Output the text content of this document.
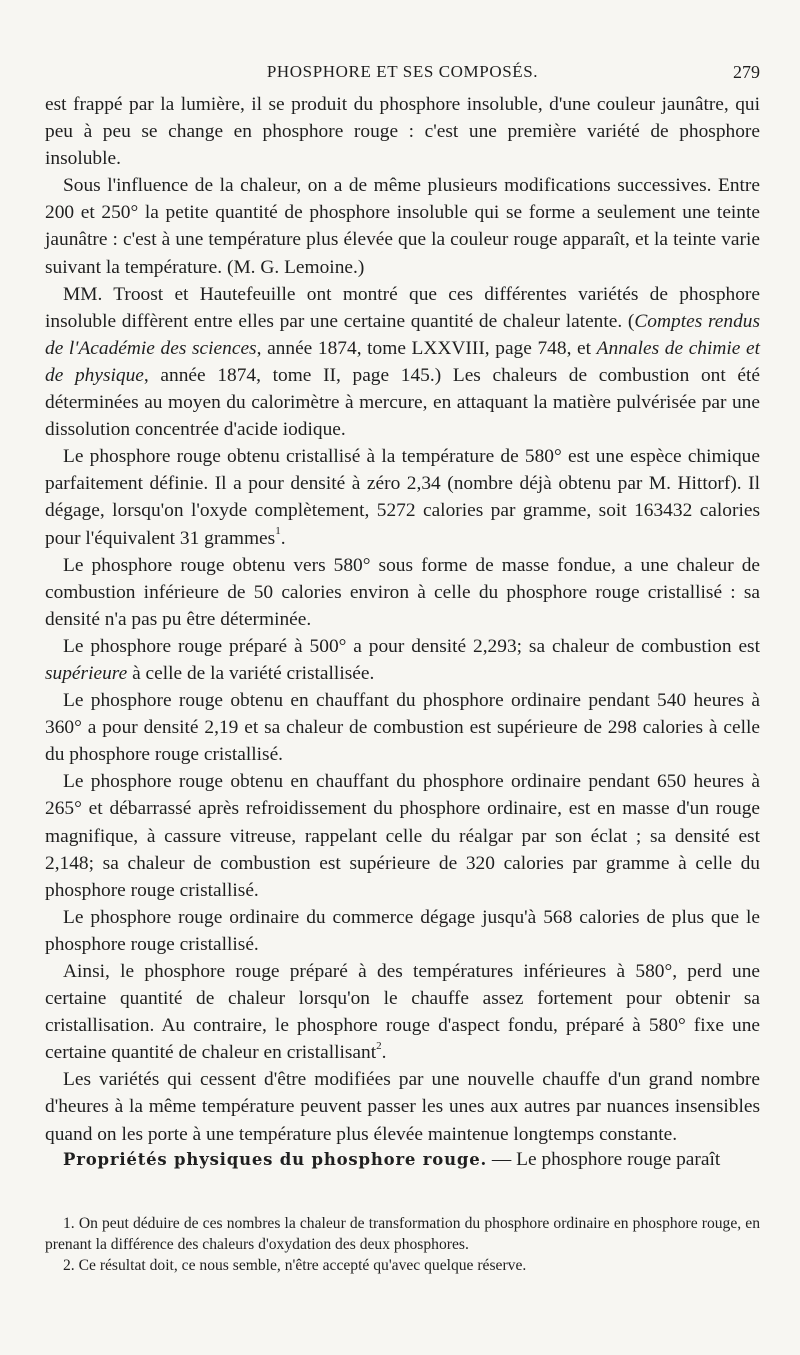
PHOSPHORE ET SES COMPOSÉS.	279

est frappé par la lumière, il se produit du phosphore insoluble, d'une couleur jaunâtre, qui peu à peu se change en phosphore rouge : c'est une première variété de phosphore insoluble.

Sous l'influence de la chaleur, on a de même plusieurs modifications successives. Entre 200 et 250° la petite quantité de phosphore insoluble qui se forme a seulement une teinte jaunâtre : c'est à une température plus élevée que la couleur rouge apparaît, et la teinte varie suivant la température. (M. G. Lemoine.)

MM. Troost et Hautefeuille ont montré que ces différentes variétés de phosphore insoluble diffèrent entre elles par une certaine quantité de chaleur latente. (Comptes rendus de l'Académie des sciences, année 1874, tome LXXVIII, page 748, et Annales de chimie et de physique, année 1874, tome II, page 145.) Les chaleurs de combustion ont été déterminées au moyen du calorimètre à mercure, en attaquant la matière pulvérisée par une dissolution concentrée d'acide iodique.

Le phosphore rouge obtenu cristallisé à la température de 580° est une espèce chimique parfaitement définie. Il a pour densité à zéro 2,34 (nombre déjà obtenu par M. Hittorf). Il dégage, lorsqu'on l'oxyde complètement, 5272 calories par gramme, soit 163432 calories pour l'équivalent 31 grammes$^1$.

Le phosphore rouge obtenu vers 580° sous forme de masse fondue, a une chaleur de combustion inférieure de 50 calories environ à celle du phosphore rouge cristallisé : sa densité n'a pas pu être déterminée.

Le phosphore rouge préparé à 500° a pour densité 2,293; sa chaleur de combustion est supérieure à celle de la variété cristallisée.

Le phosphore rouge obtenu en chauffant du phosphore ordinaire pendant 540 heures à 360° a pour densité 2,19 et sa chaleur de combustion est supérieure de 298 calories à celle du phosphore rouge cristallisé.

Le phosphore rouge obtenu en chauffant du phosphore ordinaire pendant 650 heures à 265° et débarrassé après refroidissement du phosphore ordinaire, est en masse d'un rouge magnifique, à cassure vitreuse, rappelant celle du réalgar par son éclat ; sa densité est 2,148; sa chaleur de combustion est supérieure de 320 calories par gramme à celle du phosphore rouge cristallisé.

Le phosphore rouge ordinaire du commerce dégage jusqu'à 568 calories de plus que le phosphore rouge cristallisé.

Ainsi, le phosphore rouge préparé à des températures inférieures à 580°, perd une certaine quantité de chaleur lorsqu'on le chauffe assez fortement pour obtenir sa cristallisation. Au contraire, le phosphore rouge d'aspect fondu, préparé à 580° fixe une certaine quantité de chaleur en cristallisant$^2$.

Les variétés qui cessent d'être modifiées par une nouvelle chauffe d'un grand nombre d'heures à la même température peuvent passer les unes aux autres par nuances insensibles quand on les porte à une température plus élevée maintenue longtemps constante.

Propriétés physiques du phosphore rouge. — Le phosphore rouge paraît

1. On peut déduire de ces nombres la chaleur de transformation du phosphore ordinaire en phosphore rouge, en prenant la différence des chaleurs d'oxydation des deux phosphores.

2. Ce résultat doit, ce nous semble, n'être accepté qu'avec quelque réserve.
